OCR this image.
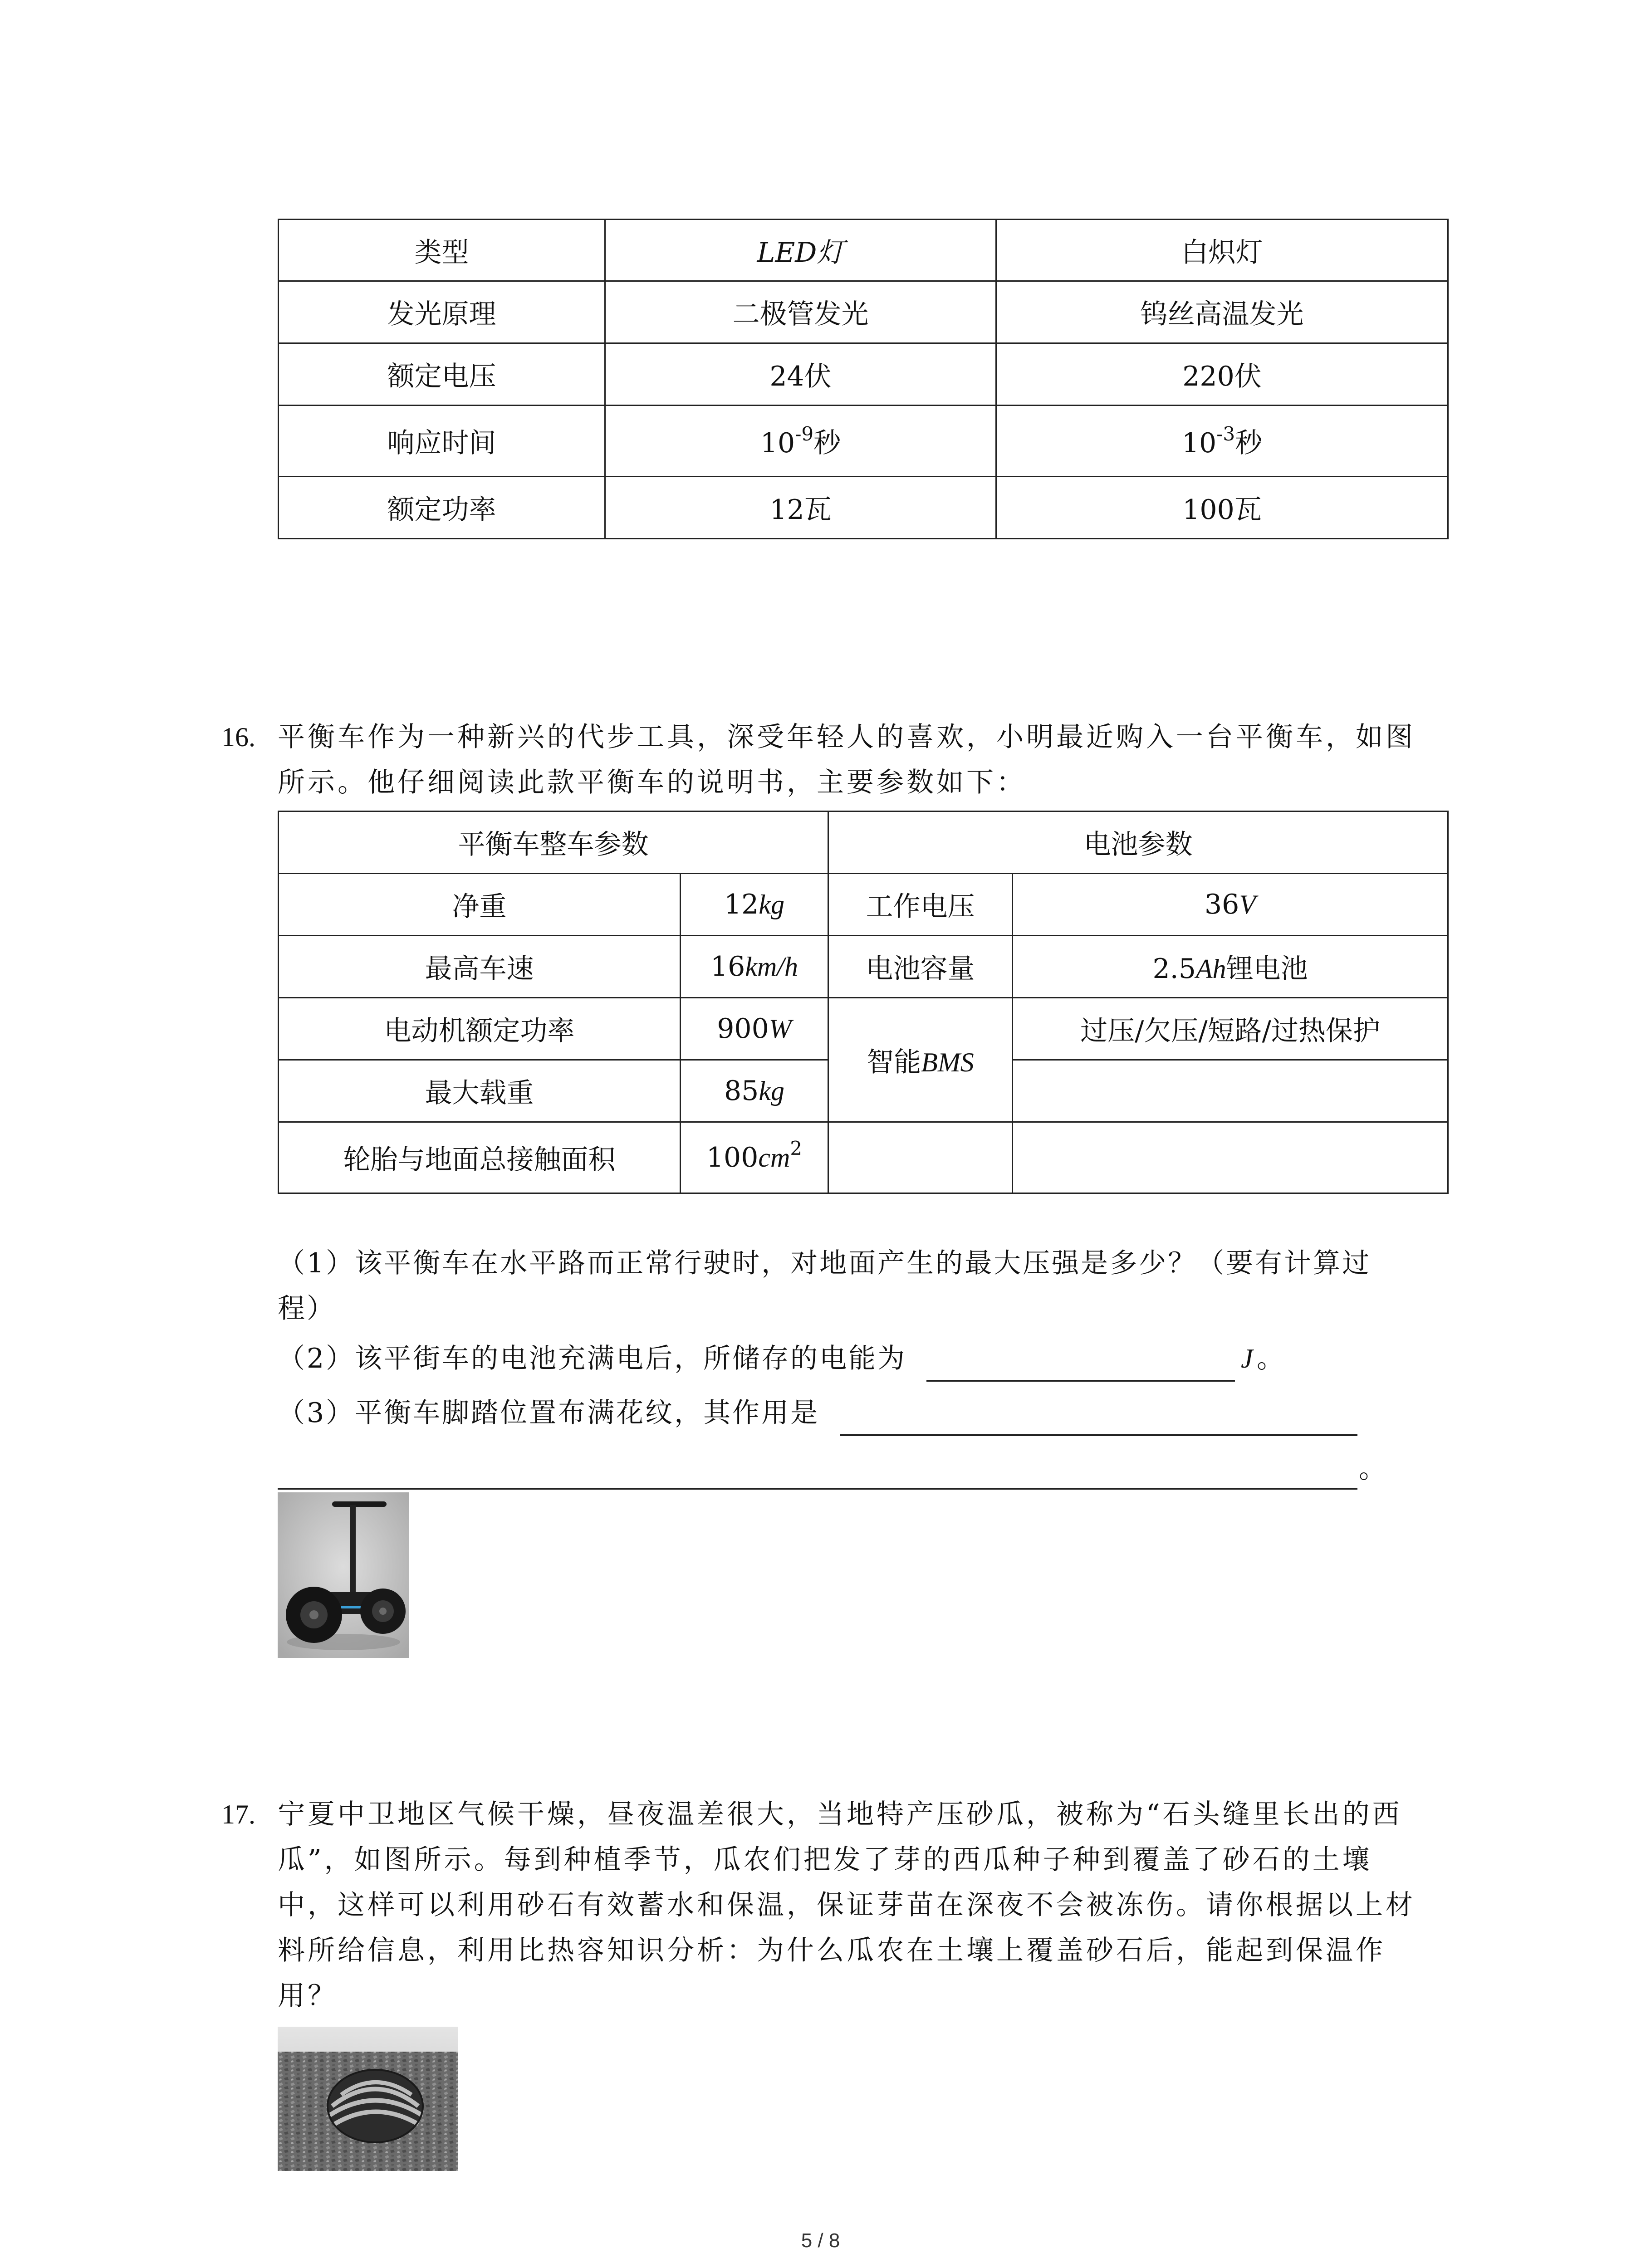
类型	LED灯	白炽灯
发光原理	二极管发光	钨丝高温发光
额定电压	24伏	220伏
响应时间	$10^{-9}$秒	$10^{-3}$秒
额定功率	12瓦	100瓦
16. 平衡车作为一种新兴的代步工具，深受年轻人的喜欢，小明最近购入一台平衡车，如图
所示。他仔细阅读此款平衡车的说明书，主要参数如下：
平衡车整车参数		电池参数	
净重	12kg	工作电压	36V
最高车速	16km/h	电池容量	2.5Ah锂电池
电动机额定功率	900W	智能BMS	过压/欠压/短路/过热保护
最大载重	85kg		
轮胎与地面总接触面积	$100cm^2$		
（1）该平衡车在水平路而正常行驶时，对地面产生的最大压强是多少？（要有计算过
程）
（2）该平街车的电池充满电后，所储存的电能为	J 。
（3）平衡车脚踏位置布满花纹，其作用是
。
17. 宁夏中卫地区气候干燥，昼夜温差很大，当地特产压砂瓜，被称为“石头缝里长出的西
瓜”，如图所示。每到种植季节，瓜农们把发了芽的西瓜种子种到覆盖了砂石的土壤
中，这样可以利用砂石有效蓄水和保温，保证芽苗在深夜不会被冻伤。请你根据以上材
料所给信息，利用比热容知识分析：为什么瓜农在土壤上覆盖砂石后，能起到保温作
用？
5 / 8
